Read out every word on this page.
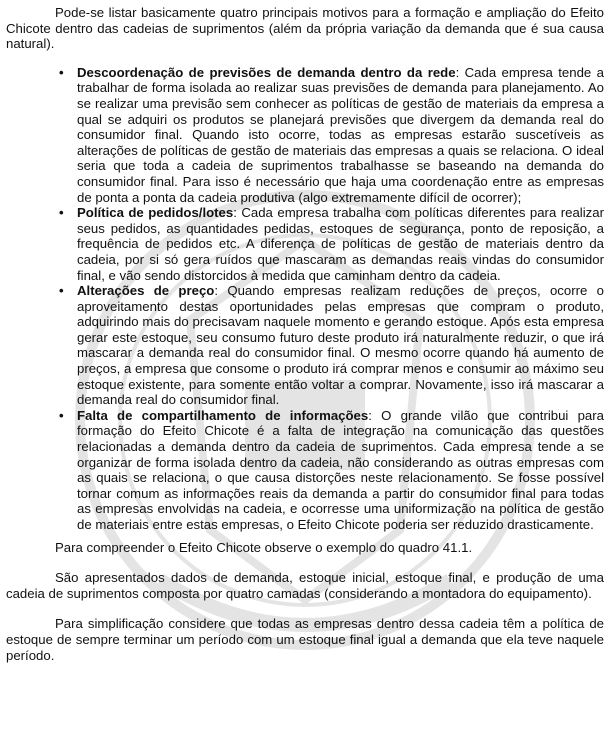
Pode-se listar basicamente quatro principais motivos para a formação e ampliação do Efeito Chicote dentro das cadeias de suprimentos (além da própria variação da demanda que é sua causa natural).

• Descoordenação de previsões de demanda dentro da rede: Cada empresa tende a trabalhar de forma isolada ao realizar suas previsões de demanda para planejamento. Ao se realizar uma previsão sem conhecer as políticas de gestão de materiais da empresa a qual se adquiri os produtos se planejará previsões que divergem da demanda real do consumidor final. Quando isto ocorre, todas as empresas estarão suscetíveis as alterações de políticas de gestão de materiais das empresas a quais se relaciona. O ideal seria que toda a cadeia de suprimentos trabalhasse se baseando na demanda do consumidor final. Para isso é necessário que haja uma coordenação entre as empresas de ponta a ponta da cadeia produtiva (algo extremamente difícil de ocorrer);
• Política de pedidos/lotes: Cada empresa trabalha com políticas diferentes para realizar seus pedidos, as quantidades pedidas, estoques de segurança, ponto de reposição, a frequência de pedidos etc. A diferença de políticas de gestão de materiais dentro da cadeia, por si só gera ruídos que mascaram as demandas reais vindas do consumidor final, e vão sendo distorcidos à medida que caminham dentro da cadeia.
• Alterações de preço: Quando empresas realizam reduções de preços, ocorre o aproveitamento destas oportunidades pelas empresas que compram o produto, adquirindo mais do precisavam naquele momento e gerando estoque. Após esta empresa gerar este estoque, seu consumo futuro deste produto irá naturalmente reduzir, o que irá mascarar a demanda real do consumidor final. O mesmo ocorre quando há aumento de preços, a empresa que consome o produto irá comprar menos e consumir ao máximo seu estoque existente, para somente então voltar a comprar. Novamente, isso irá mascarar a demanda real do consumidor final.
• Falta de compartilhamento de informações: O grande vilão que contribui para formação do Efeito Chicote é a falta de integração na comunicação das questões relacionadas a demanda dentro da cadeia de suprimentos. Cada empresa tende a se organizar de forma isolada dentro da cadeia, não considerando as outras empresas com as quais se relaciona, o que causa distorções neste relacionamento. Se fosse possível tornar comum as informações reais da demanda a partir do consumidor final para todas as empresas envolvidas na cadeia, e ocorresse uma uniformização na política de gestão de materiais entre estas empresas, o Efeito Chicote poderia ser reduzido drasticamente.

Para compreender o Efeito Chicote observe o exemplo do quadro 41.1.

São apresentados dados de demanda, estoque inicial, estoque final, e produção de uma cadeia de suprimentos composta por quatro camadas (considerando a montadora do equipamento).

Para simplificação considere que todas as empresas dentro dessa cadeia têm a política de estoque de sempre terminar um período com um estoque final igual a demanda que ela teve naquele período.
